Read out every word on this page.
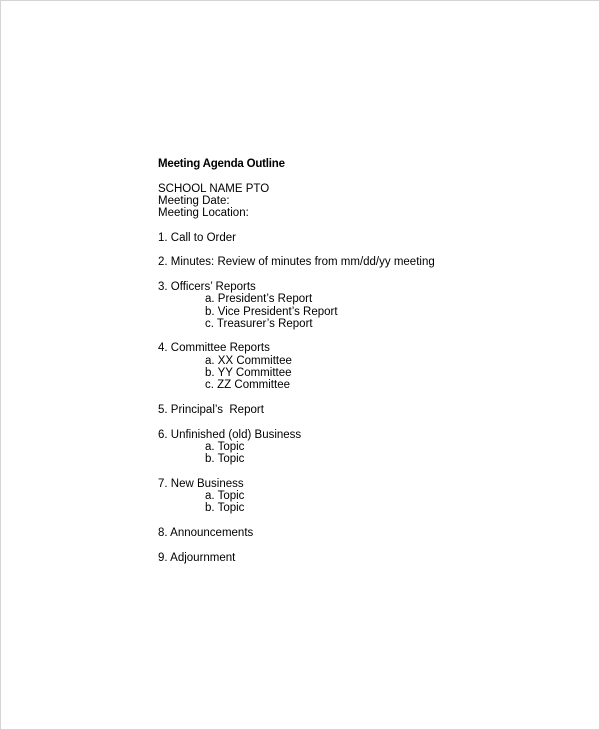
Meeting Agenda Outline
SCHOOL NAME PTO
Meeting Date:
Meeting Location:
1. Call to Order
2. Minutes: Review of minutes from mm/dd/yy meeting
3. Officers’ Reports
a. President’s Report
b. Vice President’s Report
c. Treasurer’s Report
4. Committee Reports
a. XX Committee
b. YY Committee
c. ZZ Committee
5. Principal’s  Report
6. Unfinished (old) Business
a. Topic
b. Topic
7. New Business
a. Topic
b. Topic
8. Announcements
9. Adjournment
